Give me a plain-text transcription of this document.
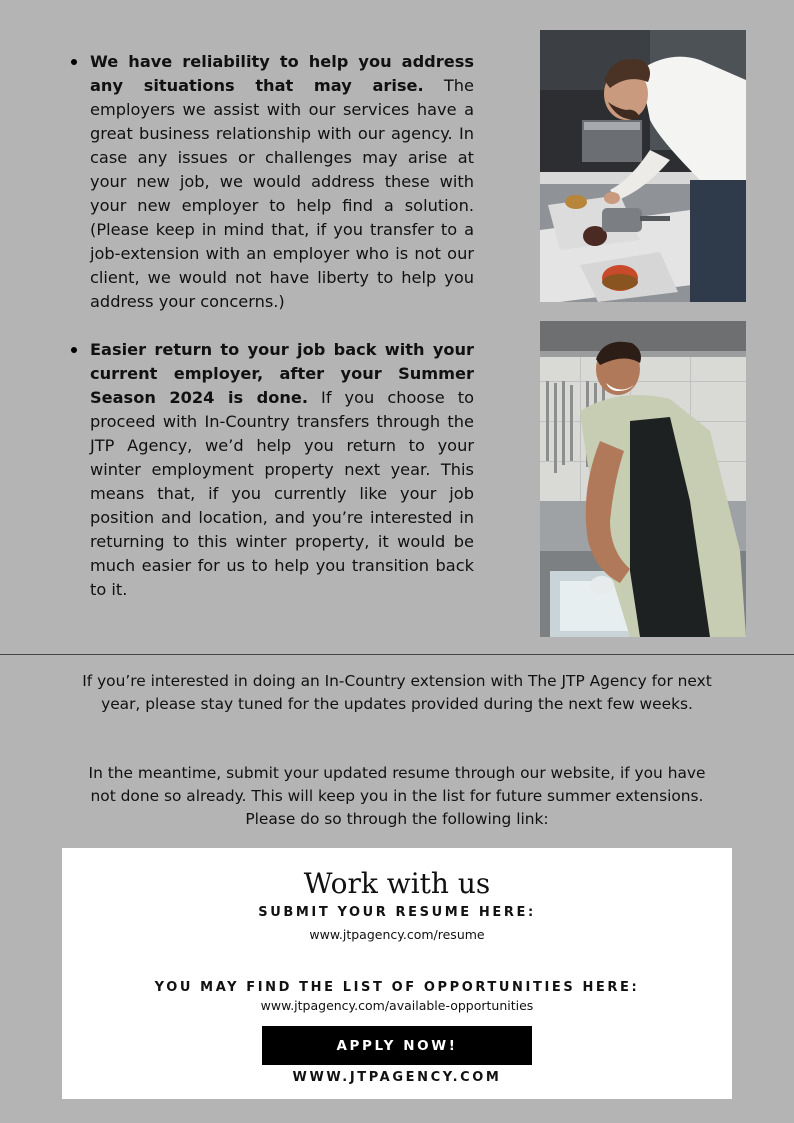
We have reliability to help you address any situations that may arise. The employers we assist with our services have a great business relationship with our agency. In case any issues or challenges may arise at your new job, we would address these with your new employer to help find a solution. (Please keep in mind that, if you transfer to a job-extension with an employer who is not our client, we would not have liberty to help you address your concerns.)
Easier return to your job back with your current employer, after your Summer Season 2024 is done. If you choose to proceed with In-Country transfers through the JTP Agency, we’d help you return to your winter employment property next year. This means that, if you currently like your job position and location, and you’re interested in returning to this winter property, it would be much easier for us to help you transition back to it.

If you’re interested in doing an In-Country extension with The JTP Agency for next year, please stay tuned for the updates provided during the next few weeks.

In the meantime, submit your updated resume through our website, if you have not done so already. This will keep you in the list for future summer extensions. Please do so through the following link:

Work with us
SUBMIT YOUR RESUME HERE:
www.jtpagency.com/resume
YOU MAY FIND THE LIST OF OPPORTUNITIES HERE:
www.jtpagency.com/available-opportunities
APPLY NOW!
WWW.JTPAGENCY.COM
